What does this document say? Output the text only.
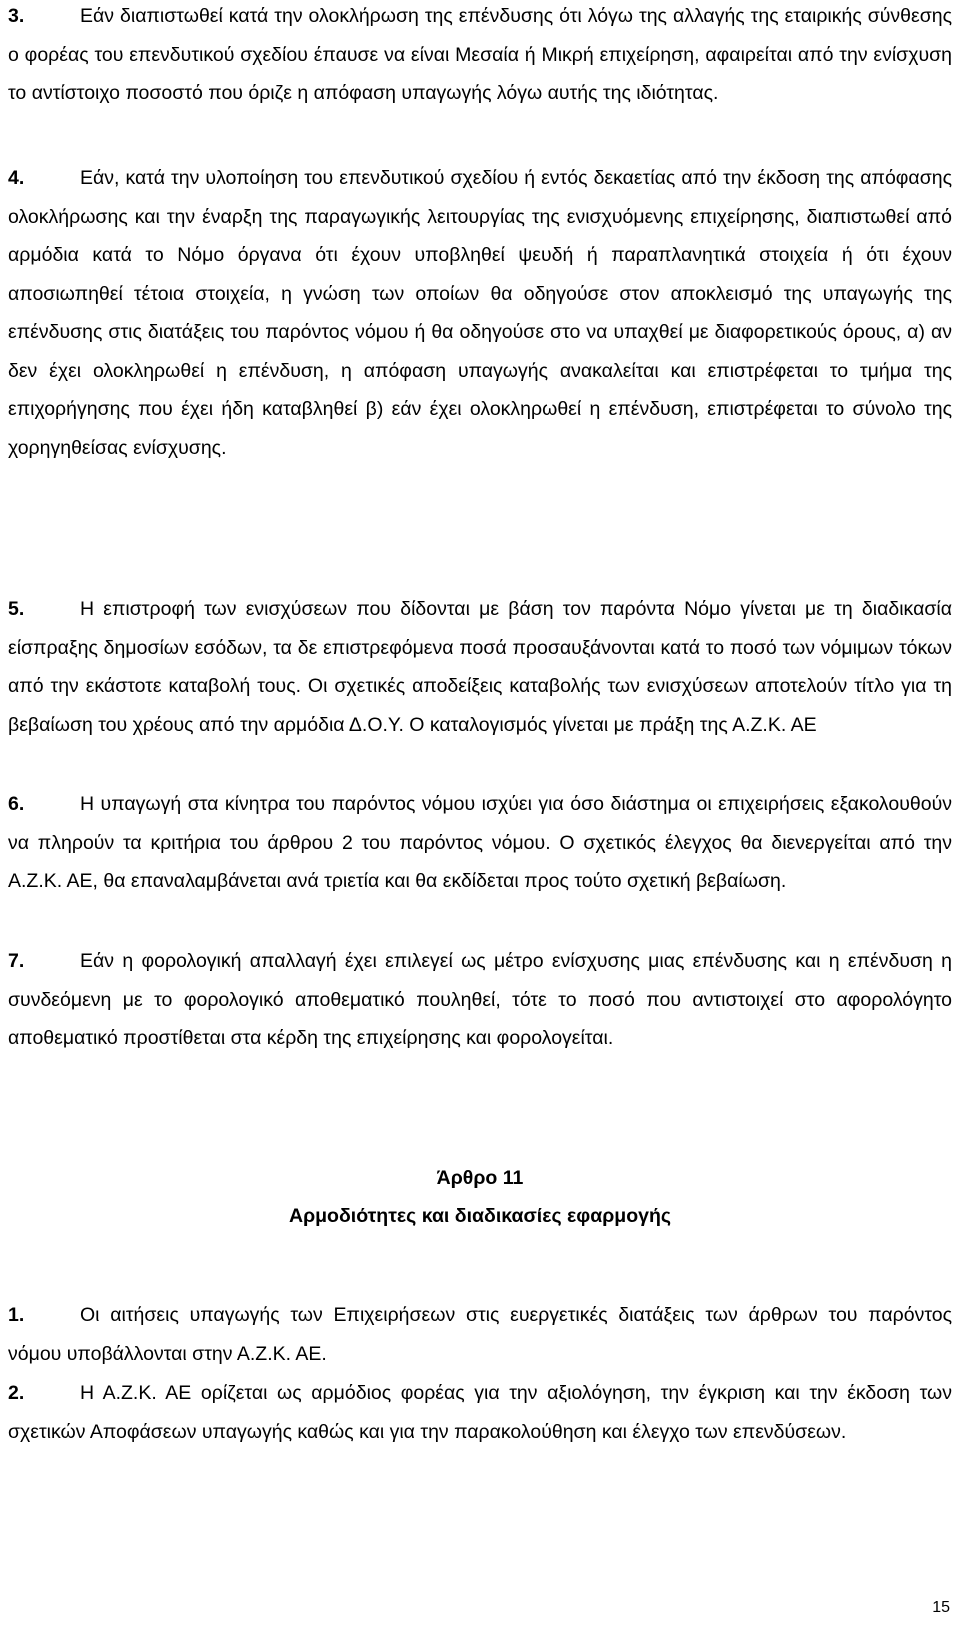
3.	Εάν διαπιστωθεί κατά την ολοκλήρωση της επένδυσης ότι λόγω της αλλαγής της εταιρικής σύνθεσης ο φορέας του επενδυτικού σχεδίου έπαυσε να είναι Μεσαία ή Μικρή επιχείρηση, αφαιρείται από την ενίσχυση το αντίστοιχο ποσοστό που όριζε η απόφαση υπαγωγής λόγω αυτής της ιδιότητας.

4.	Εάν, κατά την υλοποίηση του επενδυτικού σχεδίου ή εντός δεκαετίας από την έκδοση της απόφασης ολοκλήρωσης και την έναρξη της παραγωγικής λειτουργίας της ενισχυόμενης επιχείρησης, διαπιστωθεί από αρμόδια κατά το Νόμο όργανα ότι έχουν υποβληθεί ψευδή ή παραπλανητικά στοιχεία ή ότι έχουν αποσιωπηθεί τέτοια στοιχεία, η γνώση των οποίων θα οδηγούσε στον αποκλεισμό της υπαγωγής της επένδυσης στις διατάξεις του παρόντος νόμου ή θα οδηγούσε στο να υπαχθεί με διαφορετικούς όρους, α) αν δεν έχει ολοκληρωθεί η επένδυση, η απόφαση υπαγωγής ανακαλείται και επιστρέφεται το τμήμα της επιχορήγησης που έχει ήδη καταβληθεί β) εάν έχει ολοκληρωθεί η επένδυση, επιστρέφεται το σύνολο της χορηγηθείσας ενίσχυσης.

5.	Η επιστροφή των ενισχύσεων που δίδονται με βάση τον παρόντα Νόμο γίνεται με τη διαδικασία είσπραξης δημοσίων εσόδων, τα δε επιστρεφόμενα ποσά προσαυξάνονται κατά το ποσό των νόμιμων τόκων από την εκάστοτε καταβολή τους. Οι σχετικές αποδείξεις καταβολής των ενισχύσεων αποτελούν τίτλο για τη βεβαίωση του χρέους από την αρμόδια Δ.Ο.Υ. Ο καταλογισμός γίνεται με πράξη της Α.Ζ.Κ. ΑΕ

6.	Η υπαγωγή στα κίνητρα του παρόντος νόμου ισχύει για όσο διάστημα οι επιχειρήσεις εξακολουθούν να πληρούν τα κριτήρια του άρθρου 2 του παρόντος νόμου. Ο σχετικός έλεγχος θα διενεργείται από την Α.Ζ.Κ. ΑΕ, θα επαναλαμβάνεται ανά τριετία και θα εκδίδεται προς τούτο σχετική βεβαίωση.

7.	Εάν η φορολογική απαλλαγή έχει επιλεγεί ως μέτρο ενίσχυσης μιας επένδυσης και η επένδυση η συνδεόμενη με το φορολογικό αποθεματικό πουληθεί, τότε το ποσό που αντιστοιχεί στο αφορολόγητο αποθεματικό προστίθεται στα κέρδη της επιχείρησης και φορολογείται.

Άρθρο 11

Αρμοδιότητες και διαδικασίες εφαρμογής

1.	Οι αιτήσεις υπαγωγής των Επιχειρήσεων στις ευεργετικές διατάξεις των άρθρων του παρόντος νόμου υποβάλλονται στην Α.Ζ.Κ. ΑΕ.

2.	Η Α.Ζ.Κ. ΑΕ ορίζεται ως αρμόδιος φορέας για την αξιολόγηση, την έγκριση και την έκδοση των σχετικών Αποφάσεων υπαγωγής καθώς και για την παρακολούθηση και έλεγχο των επενδύσεων.

15
